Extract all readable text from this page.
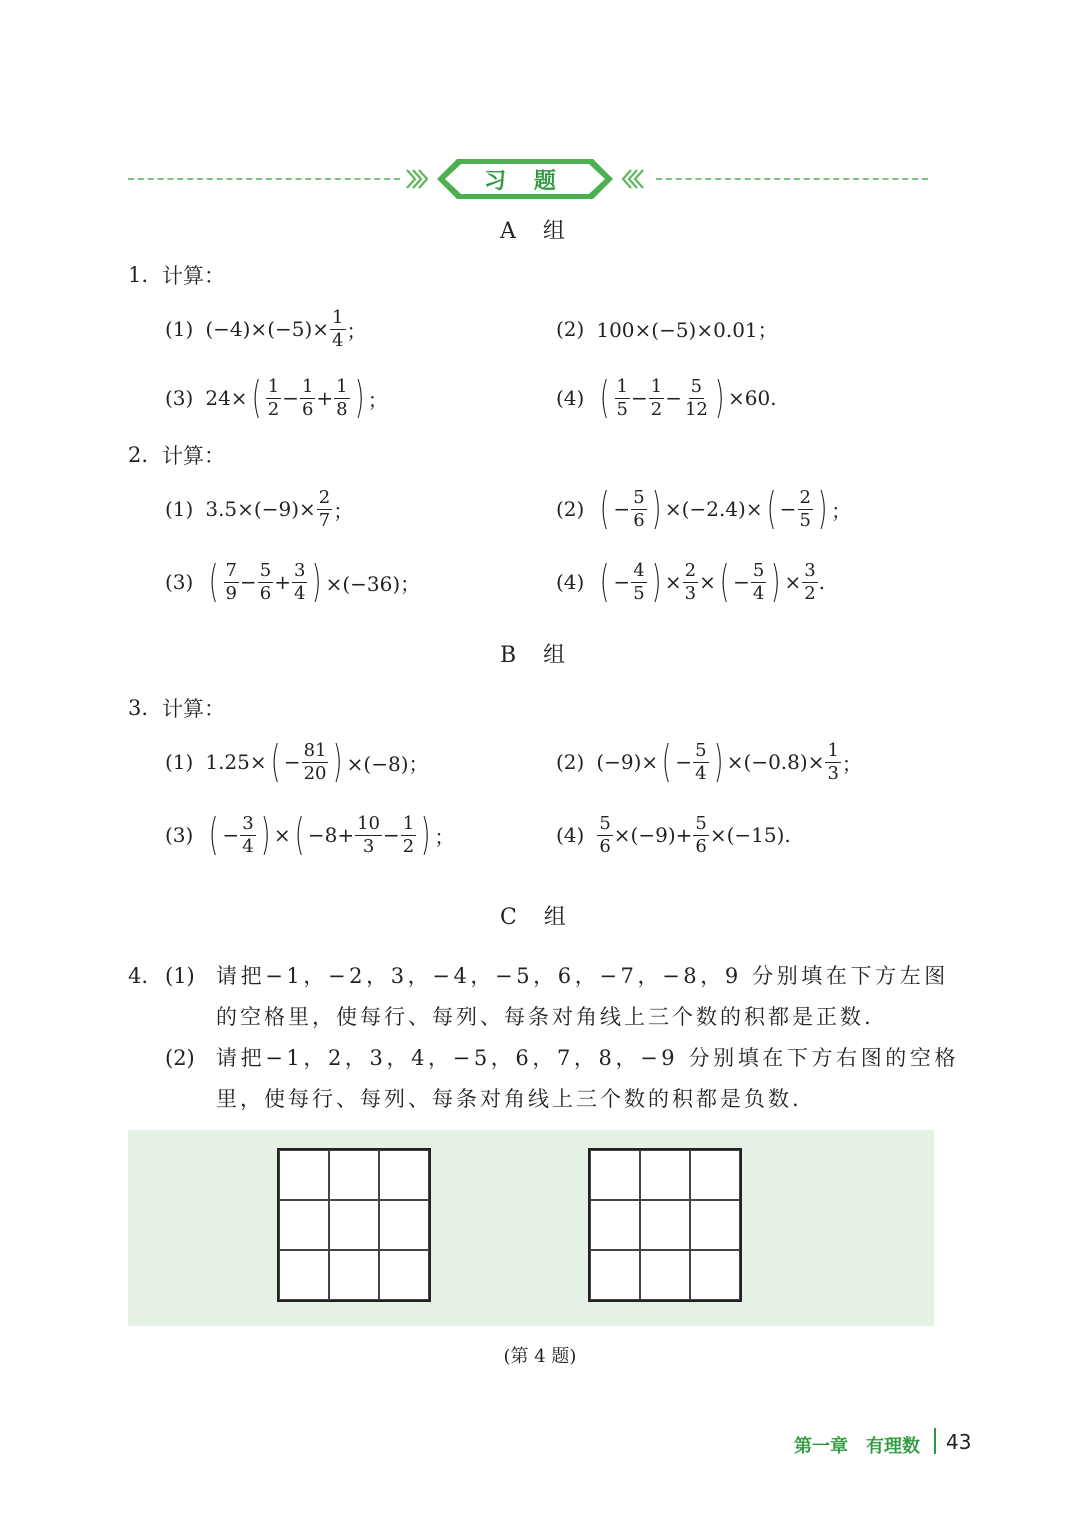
习 题
A 组
1. 计算：
(1) $(-4)\times(-5)\times \frac{1}{4}$ ；	(2) 100×(−5)×0.01；
(3) 24× ( $\frac{1}{2} - \frac{1}{6} + \frac{1}{8}$ ) ；	(4) ( $\frac{1}{5} - \frac{1}{2} - \frac{5}{12}$ ) ×60.
2. 计算：
(1) $3.5\times(-9)\times \frac{2}{7}$ ；	(2) ( − $\frac{5}{6}$ ) ×(−2.4)× ( − $\frac{2}{5}$ ) ；
(3) ( $\frac{7}{9} - \frac{5}{6} + \frac{3}{4}$ ) ×(−36)；	(4) ( − $\frac{4}{5}$ ) × $\frac{2}{3}$ × ( − $\frac{5}{4}$ ) × $\frac{3}{2}$ .
B 组
3. 计算：
(1) 1.25× ( − $\frac{81}{20}$ ) ×(−8)；	(2) (−9)× ( − $\frac{5}{4}$ ) $\times(-0.8)\times \frac{1}{3}$ ；
(3) ( − $\frac{3}{4}$ ) × ( $-8+ \frac{10}{3} - \frac{1}{2}$ ) ；	$(4) \frac{5}{6} \times(-9)+ \frac{5}{6} \times(-15)$.
C 组
4. (1) 请把−1，−2，3，−4，−5，6，−7，−8，9 分别填在下方左图
的空格里，使每行、每列、每条对角线上三个数的积都是正数.
(2) 请把−1，2，3，4，−5，6，7，8，−9 分别填在下方右图的空格
里，使每行、每列、每条对角线上三个数的积都是负数.
(第 4 题)
第一章 有理数 43
